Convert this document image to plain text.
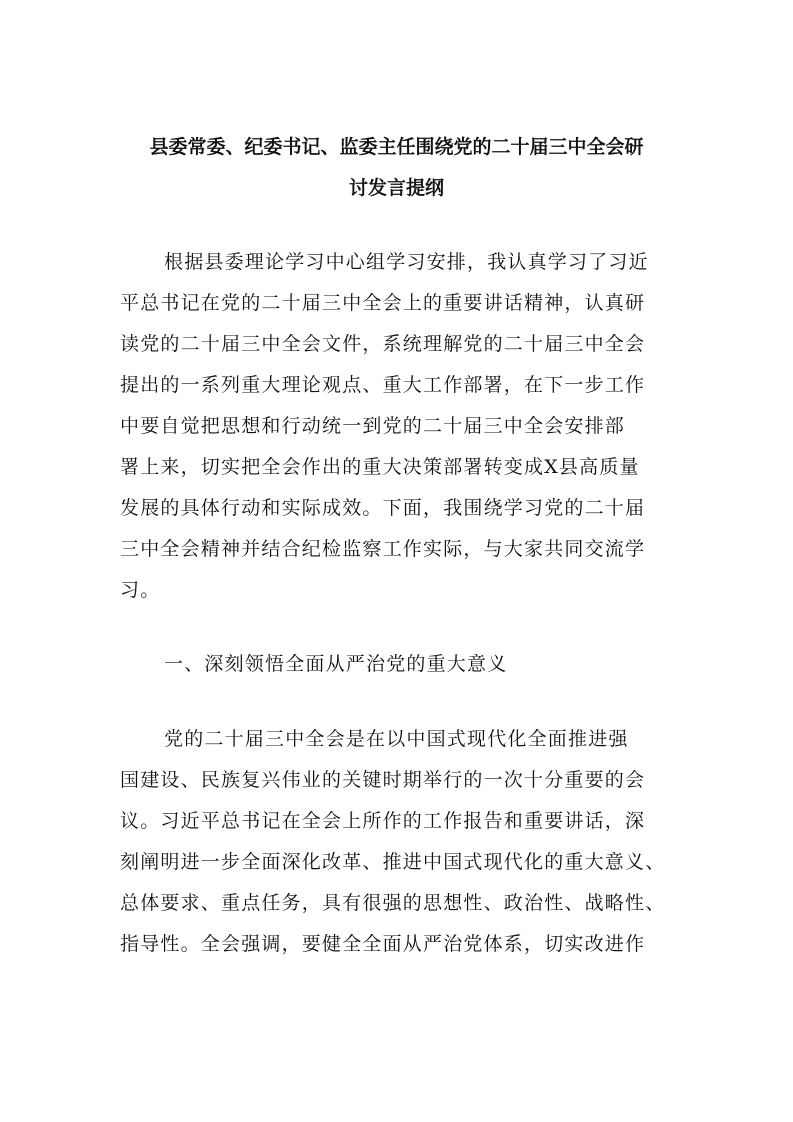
县委常委、纪委书记、监委主任围绕党的二十届三中全会研
讨发言提纲
根据县委理论学习中心组学习安排，我认真学习了习近
平总书记在党的二十届三中全会上的重要讲话精神，认真研
读党的二十届三中全会文件，系统理解党的二十届三中全会
提出的一系列重大理论观点、重大工作部署，在下一步工作
中要自觉把思想和行动统一到党的二十届三中全会安排部
署上来，切实把全会作出的重大决策部署转变成X县高质量
发展的具体行动和实际成效。下面，我围绕学习党的二十届
三中全会精神并结合纪检监察工作实际，与大家共同交流学
习。
一、深刻领悟全面从严治党的重大意义
党的二十届三中全会是在以中国式现代化全面推进强
国建设、民族复兴伟业的关键时期举行的一次十分重要的会
议。习近平总书记在全会上所作的工作报告和重要讲话，深
刻阐明进一步全面深化改革、推进中国式现代化的重大意义、
总体要求、重点任务，具有很强的思想性、政治性、战略性、
指导性。全会强调，要健全全面从严治党体系，切实改进作
